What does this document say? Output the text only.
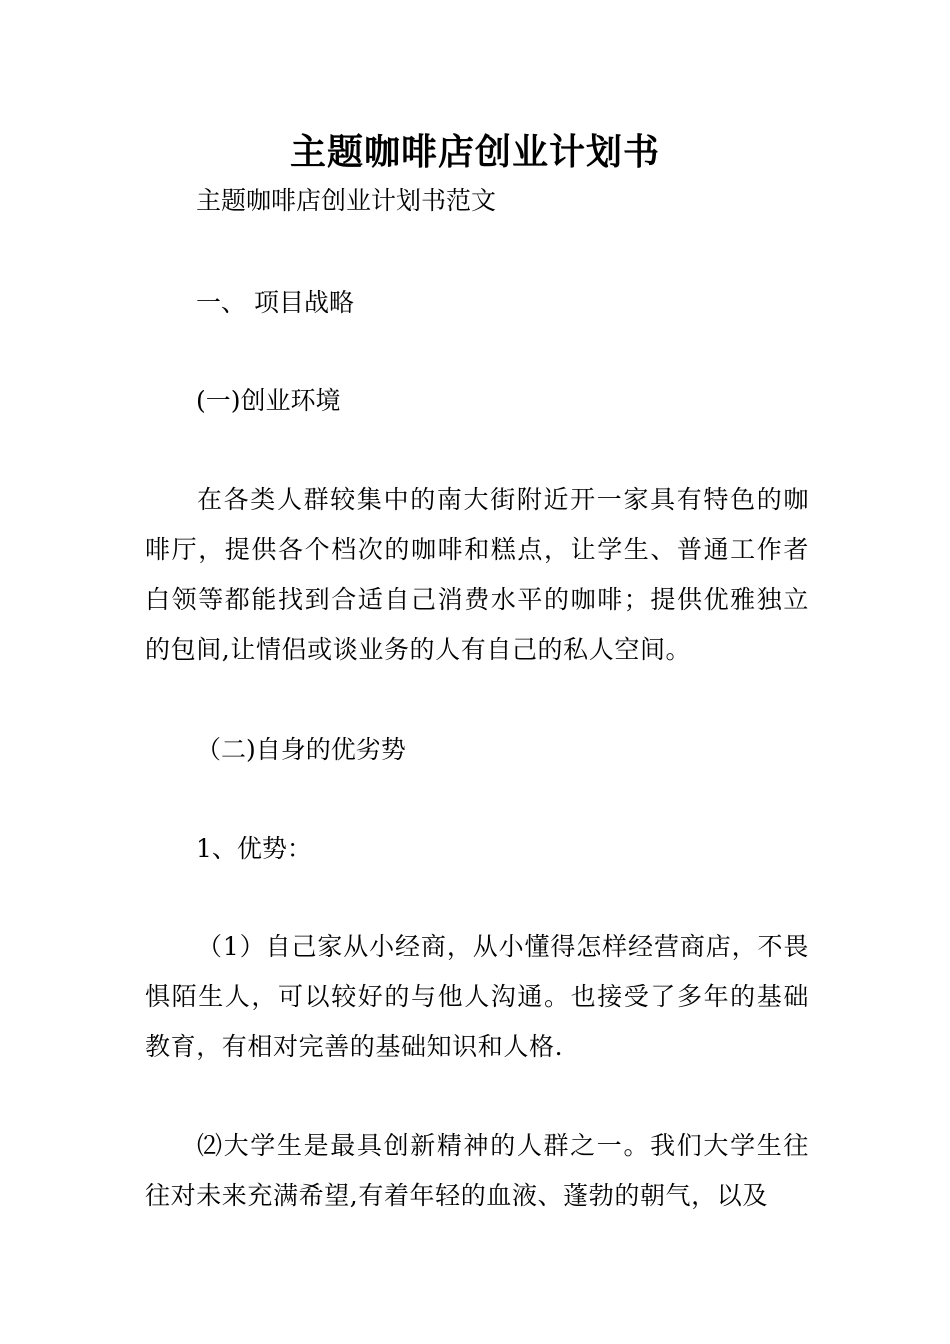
主题咖啡店创业计划书
主题咖啡店创业计划书范文
一、 项目战略
(一)创业环境
在各类人群较集中的南大街附近开一家具有特色的咖啡厅，提供各个档次的咖啡和糕点，让学生、普通工作者白领等都能找到合适自己消费水平的咖啡；提供优雅独立的包间,让情侣或谈业务的人有自己的私人空间。
（二)自身的优劣势
1、优势：
（1）自己家从小经商，从小懂得怎样经营商店，不畏惧陌生人，可以较好的与他人沟通。也接受了多年的基础教育，有相对完善的基础知识和人格.
⑵大学生是最具创新精神的人群之一。我们大学生往往对未来充满希望,有着年轻的血液、蓬勃的朝气，以及
